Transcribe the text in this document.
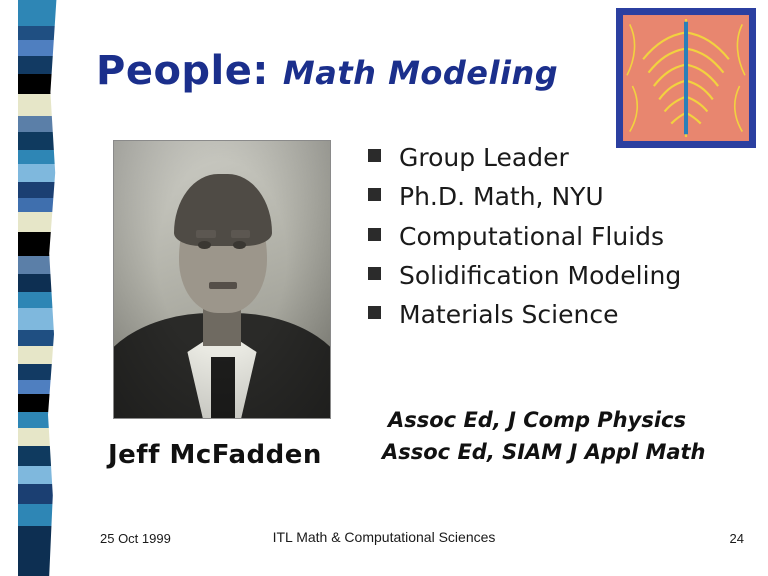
People: Math Modeling
Group Leader
Ph.D. Math, NYU
Computational Fluids
Solidification Modeling
Materials Science
Jeff McFadden
Assoc Ed, J Comp Physics
Assoc Ed, SIAM J Appl Math
25 Oct 1999	ITL Math & Computational Sciences	24
